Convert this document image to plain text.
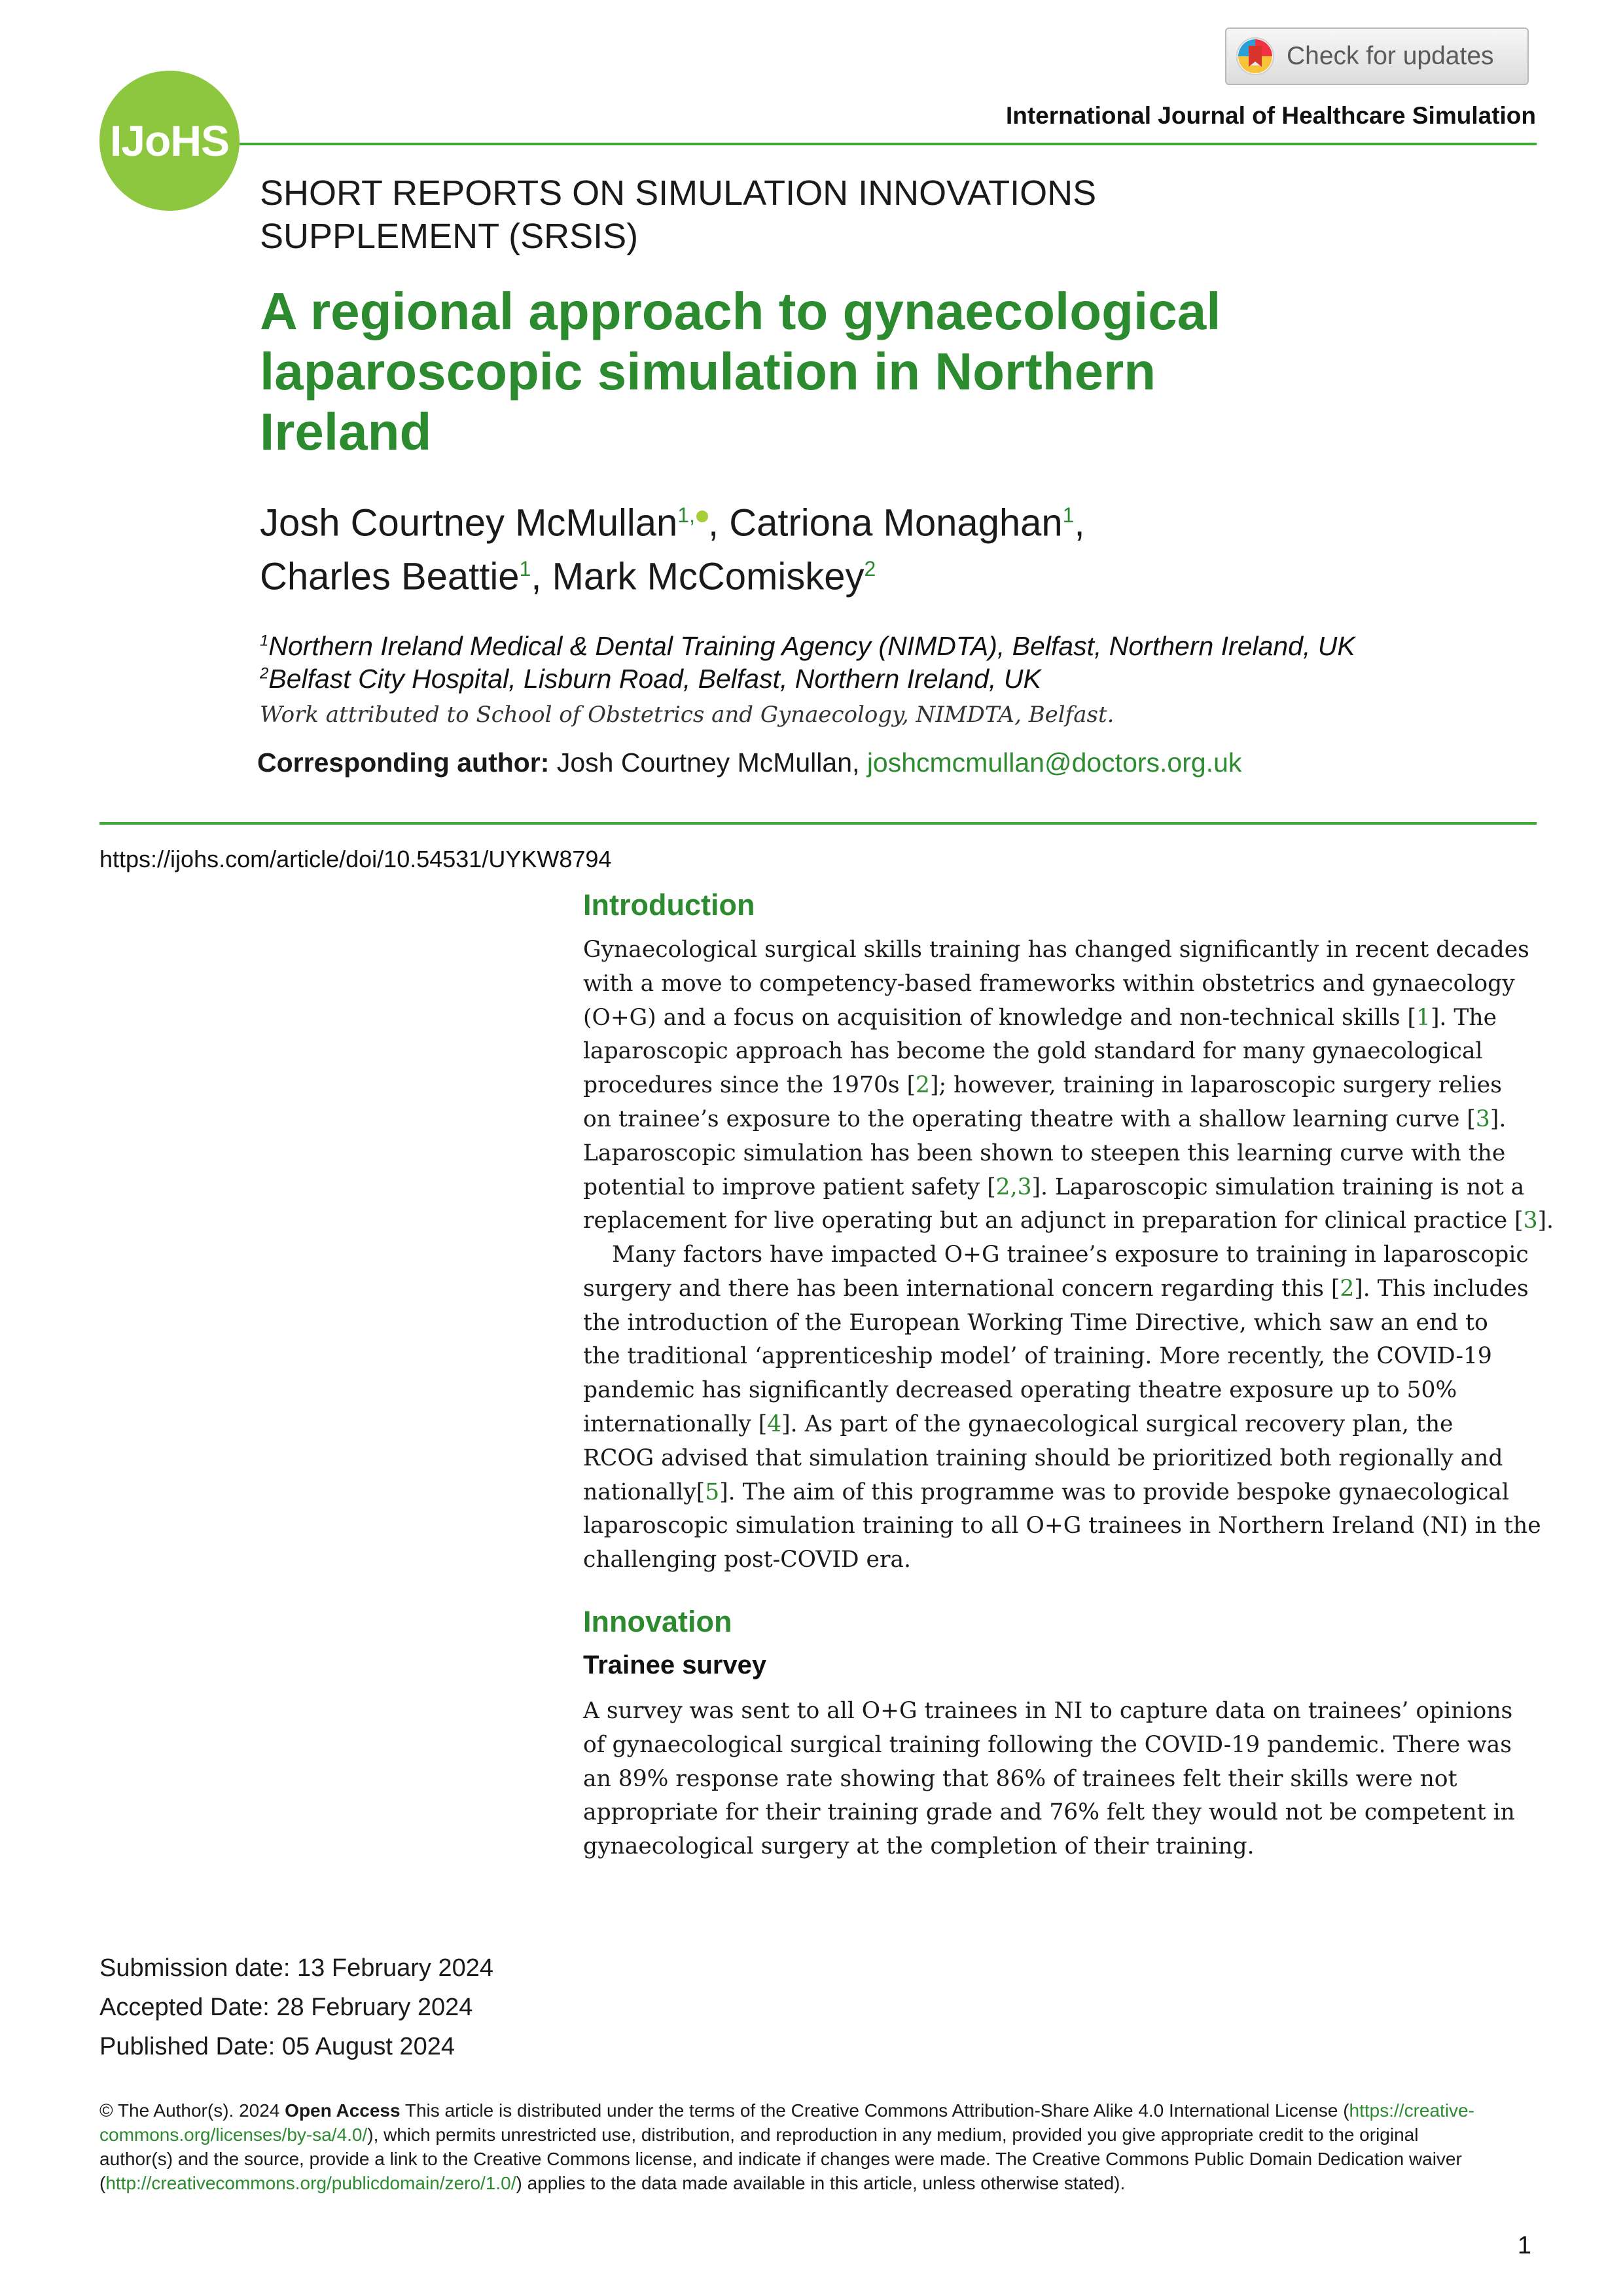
Check for updates
IJoHS
International Journal of Healthcare Simulation
SHORT REPORTS ON SIMULATION INNOVATIONS
SUPPLEMENT (SRSIS)
A regional approach to gynaecological
laparoscopic simulation in Northern
Ireland
Josh Courtney McMullan$^{1,}$ , Catriona Monaghan$^1$,
Charles Beattie$^1$, Mark McComiskey$^2$
$^1$Northern Ireland Medical & Dental Training Agency (NIMDTA), Belfast, Northern Ireland, UK
$^2$Belfast City Hospital, Lisburn Road, Belfast, Northern Ireland, UK
Work attributed to School of Obstetrics and Gynaecology, NIMDTA, Belfast.
Corresponding author: Josh Courtney McMullan, joshcmcmullan@doctors.org.uk
https://ijohs.com/article/doi/10.54531/UYKW8794
Introduction
Gynaecological surgical skills training has changed significantly in recent decades
with a move to competency-based frameworks within obstetrics and gynaecology
(O+G) and a focus on acquisition of knowledge and non-technical skills [1]. The
laparoscopic approach has become the gold standard for many gynaecological
procedures since the 1970s [2]; however, training in laparoscopic surgery relies
on trainee’s exposure to the operating theatre with a shallow learning curve [3].
Laparoscopic simulation has been shown to steepen this learning curve with the
potential to improve patient safety [2,3]. Laparoscopic simulation training is not a
replacement for live operating but an adjunct in preparation for clinical practice [3].
Many factors have impacted O+G trainee’s exposure to training in laparoscopic
surgery and there has been international concern regarding this [2]. This includes
the introduction of the European Working Time Directive, which saw an end to
the traditional ‘apprenticeship model’ of training. More recently, the COVID-19
pandemic has significantly decreased operating theatre exposure up to 50%
internationally [4]. As part of the gynaecological surgical recovery plan, the
RCOG advised that simulation training should be prioritized both regionally and
nationally[5]. The aim of this programme was to provide bespoke gynaecological
laparoscopic simulation training to all O+G trainees in Northern Ireland (NI) in the
challenging post-COVID era.
Innovation
Trainee survey
A survey was sent to all O+G trainees in NI to capture data on trainees’ opinions
of gynaecological surgical training following the COVID-19 pandemic. There was
an 89% response rate showing that 86% of trainees felt their skills were not
appropriate for their training grade and 76% felt they would not be competent in
gynaecological surgery at the completion of their training.
Submission date: 13 February 2024
Accepted Date: 28 February 2024
Published Date: 05 August 2024
© The Author(s). 2024 Open Access This article is distributed under the terms of the Creative Commons Attribution-Share Alike 4.0 International License (https://creative-
commons.org/licenses/by-sa/4.0/), which permits unrestricted use, distribution, and reproduction in any medium, provided you give appropriate credit to the original
author(s) and the source, provide a link to the Creative Commons license, and indicate if changes were made. The Creative Commons Public Domain Dedication waiver
(http://creativecommons.org/publicdomain/zero/1.0/) applies to the data made available in this article, unless otherwise stated).
1
